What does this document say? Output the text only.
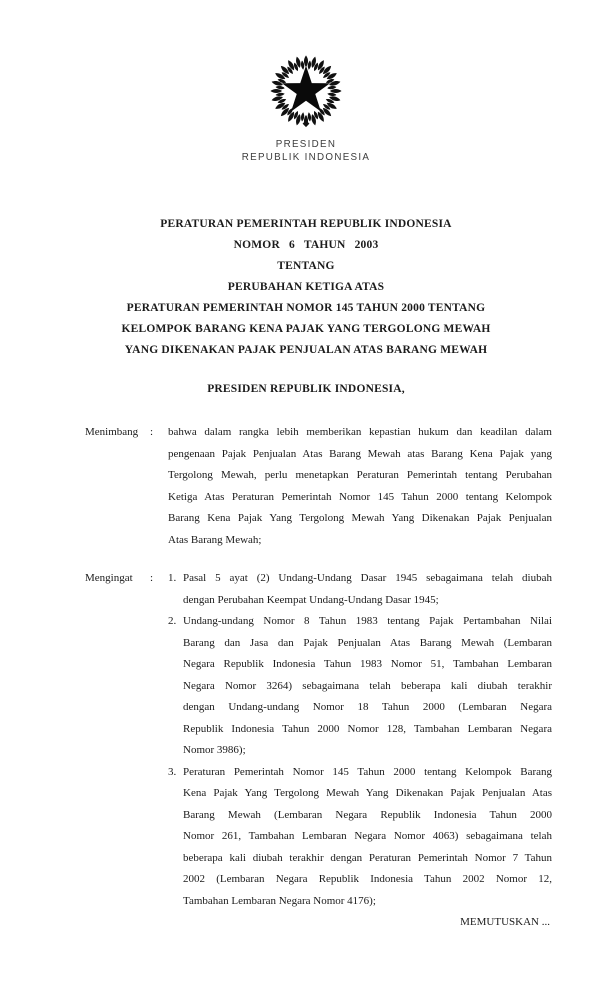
PRESIDEN
REPUBLIK INDONESIA
PERATURAN PEMERINTAH REPUBLIK INDONESIA
NOMOR 6 TAHUN 2003
TENTANG
PERUBAHAN KETIGA ATAS
PERATURAN PEMERINTAH NOMOR 145 TAHUN 2000 TENTANG
KELOMPOK BARANG KENA PAJAK YANG TERGOLONG MEWAH
YANG DIKENAKAN PAJAK PENJUALAN ATAS BARANG MEWAH
PRESIDEN REPUBLIK INDONESIA,
Menimbang : bahwa dalam rangka lebih memberikan kepastian hukum dan keadilan dalam
pengenaan Pajak Penjualan Atas Barang Mewah atas Barang Kena Pajak yang
Tergolong Mewah, perlu menetapkan Peraturan Pemerintah tentang Perubahan
Ketiga Atas Peraturan Pemerintah Nomor 145 Tahun 2000 tentang Kelompok
Barang Kena Pajak Yang Tergolong Mewah Yang Dikenakan Pajak Penjualan
Atas Barang Mewah;
Mengingat : 1. Pasal 5 ayat (2) Undang-Undang Dasar 1945 sebagaimana telah diubah
dengan Perubahan Keempat Undang-Undang Dasar 1945;
2. Undang-undang Nomor 8 Tahun 1983 tentang Pajak Pertambahan Nilai
Barang dan Jasa dan Pajak Penjualan Atas Barang Mewah (Lembaran
Negara Republik Indonesia Tahun 1983 Nomor 51, Tambahan Lembaran
Negara Nomor 3264) sebagaimana telah beberapa kali diubah terakhir
dengan Undang-undang Nomor 18 Tahun 2000 (Lembaran Negara
Republik Indonesia Tahun 2000 Nomor 128, Tambahan Lembaran Negara
Nomor 3986);
3. Peraturan Pemerintah Nomor 145 Tahun 2000 tentang Kelompok Barang
Kena Pajak Yang Tergolong Mewah Yang Dikenakan Pajak Penjualan Atas
Barang Mewah (Lembaran Negara Republik Indonesia Tahun 2000
Nomor 261, Tambahan Lembaran Negara Nomor 4063) sebagaimana telah
beberapa kali diubah terakhir dengan Peraturan Pemerintah Nomor 7 Tahun
2002 (Lembaran Negara Republik Indonesia Tahun 2002 Nomor 12,
Tambahan Lembaran Negara Nomor 4176);
MEMUTUSKAN ...
